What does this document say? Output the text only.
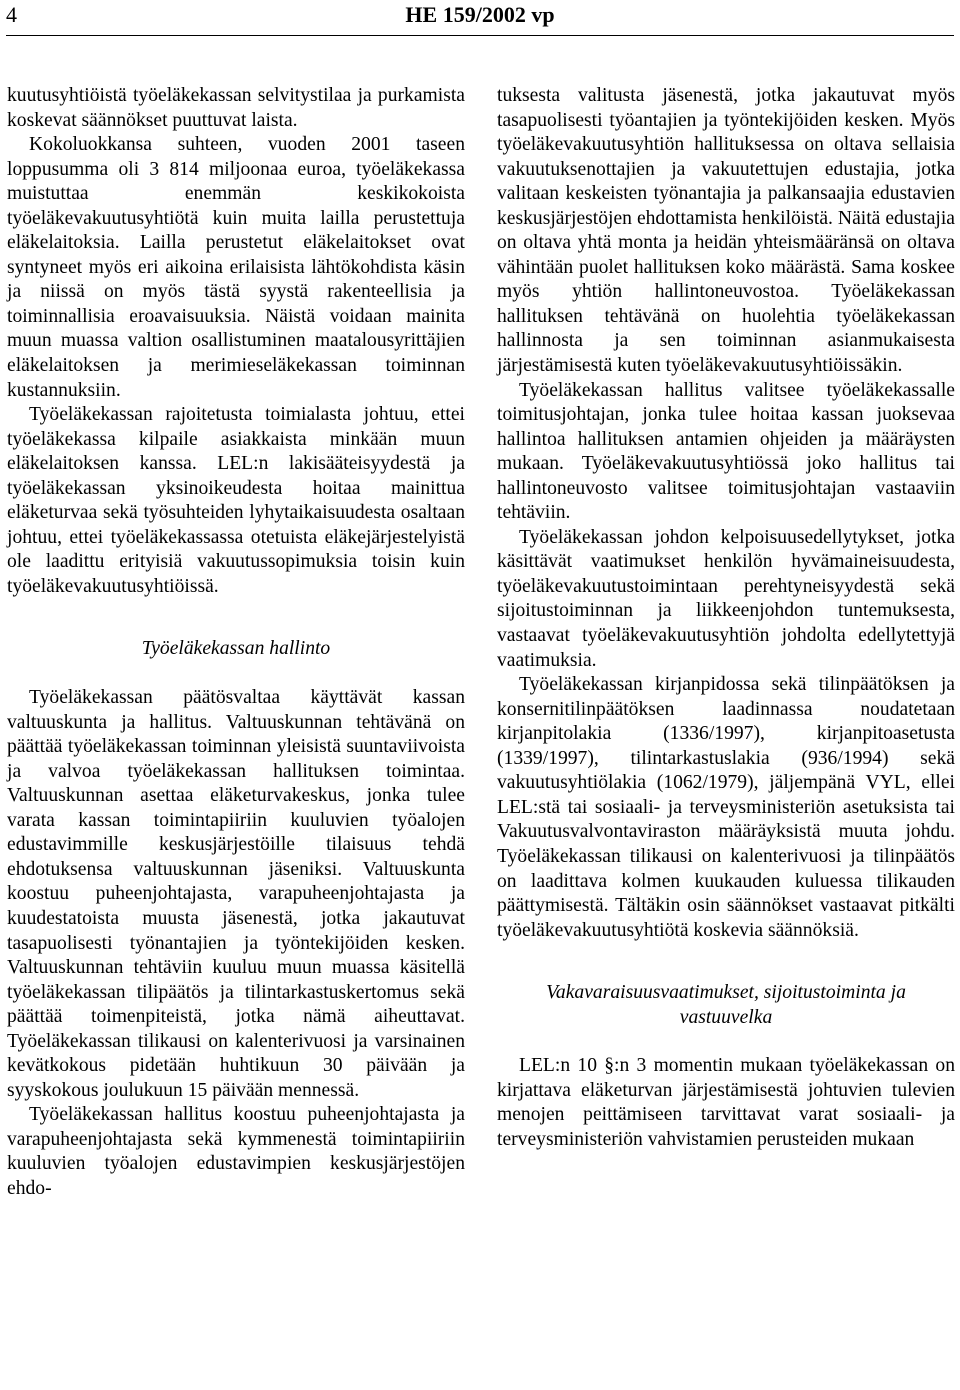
4	HE 159/2002 vp

kuutusyhtiöistä työeläkekassan selvitystilaa ja purkamista koskevat säännökset puuttuvat laista.

Kokoluokkansa suhteen, vuoden 2001 taseen loppusumma oli 3 814 miljoonaa euroa, työeläkekassa muistuttaa enemmän keskikokoista työeläkevakuutusyhtiötä kuin muita lailla perustettuja eläkelaitoksia. Lailla perustetut eläkelaitokset ovat syntyneet myös eri aikoina erilaisista lähtökohdista käsin ja niissä on myös tästä syystä rakenteellisia ja toiminnallisia eroavaisuuksia. Näistä voidaan mainita muun muassa valtion osallistuminen maatalousyrittäjien eläkelaitoksen ja merimieseläkekassan toiminnan kustannuksiin.

Työeläkekassan rajoitetusta toimialasta johtuu, ettei työeläkekassa kilpaile asiakkaista minkään muun eläkelaitoksen kanssa. LEL:n lakisääteisyydestä ja työeläkekassan yksinoikeudesta hoitaa mainittua eläketurvaa sekä työsuhteiden lyhytaikaisuudesta osaltaan johtuu, ettei työeläkekassassa otetuista eläkejärjestelyistä ole laadittu erityisiä vakuutussopimuksia toisin kuin työeläkevakuutusyhtiöissä.

Työeläkekassan hallinto

Työeläkekassan päätösvaltaa käyttävät kassan valtuuskunta ja hallitus. Valtuuskunnan tehtävänä on päättää työeläkekassan toiminnan yleisistä suuntaviivoista ja valvoa työeläkekassan hallituksen toimintaa. Valtuuskunnan asettaa eläketurvakeskus, jonka tulee varata kassan toimintapiiriin kuuluvien työalojen edustavimmille keskusjärjestöille tilaisuus tehdä ehdotuksensa valtuuskunnan jäseniksi. Valtuuskunta koostuu puheenjohtajasta, varapuheenjohtajasta ja kuudestatoista muusta jäsenestä, jotka jakautuvat tasapuolisesti työnantajien ja työntekijöiden kesken. Valtuuskunnan tehtäviin kuuluu muun muassa käsitellä työeläkekassan tilipäätös ja tilintarkastuskertomus sekä päättää toimenpiteistä, jotka nämä aiheuttavat. Työeläkekassan tilikausi on kalenterivuosi ja varsinainen kevätkokous pidetään huhtikuun 30 päivään ja syyskokous joulukuun 15 päivään mennessä.

Työeläkekassan hallitus koostuu puheenjohtajasta ja varapuheenjohtajasta sekä kymmenestä toimintapiiriin kuuluvien työalojen edustavimpien keskusjärjestöjen ehdo-

tuksesta valitusta jäsenestä, jotka jakautuvat myös tasapuolisesti työantajien ja työntekijöiden kesken. Myös työeläkevakuutusyhtiön hallituksessa on oltava sellaisia vakuutuksenottajien ja vakuutettujen edustajia, jotka valitaan keskeisten työnantajia ja palkansaajia edustavien keskusjärjestöjen ehdottamista henkilöistä. Näitä edustajia on oltava yhtä monta ja heidän yhteismääränsä on oltava vähintään puolet hallituksen koko määrästä. Sama koskee myös yhtiön hallintoneuvostoa. Työeläkekassan hallituksen tehtävänä on huolehtia työeläkekassan hallinnosta ja sen toiminnan asianmukaisesta järjestämisestä kuten työeläkevakuutusyhtiöissäkin.

Työeläkekassan hallitus valitsee työeläkekassalle toimitusjohtajan, jonka tulee hoitaa kassan juoksevaa hallintoa hallituksen antamien ohjeiden ja määräysten mukaan. Työeläkevakuutusyhtiössä joko hallitus tai hallintoneuvosto valitsee toimitusjohtajan vastaaviin tehtäviin.

Työeläkekassan johdon kelpoisuusedellytykset, jotka käsittävät vaatimukset henkilön hyvämaineisuudesta, työeläkevakuutustoimintaan perehtyneisyydestä sekä sijoitustoiminnan ja liikkeenjohdon tuntemuksesta, vastaavat työeläkevakuutusyhtiön johdolta edellytettyjä vaatimuksia.

Työeläkekassan kirjanpidossa sekä tilinpäätöksen ja konsernitilinpäätöksen laadinnassa noudatetaan kirjanpitolakia (1336/1997), kirjanpitoasetusta (1339/1997), tilintarkastuslakia (936/1994) sekä vakuutusyhtiölakia (1062/1979), jäljempänä VYL, ellei LEL:stä tai sosiaali- ja terveysministeriön asetuksista tai Vakuutusvalvontaviraston määräyksistä muuta johdu. Työeläkekassan tilikausi on kalenterivuosi ja tilinpäätös on laadittava kolmen kuukauden kuluessa tilikauden päättymisestä. Tältäkin osin säännökset vastaavat pitkälti työeläkevakuutusyhtiötä koskevia säännöksiä.

Vakavaraisuusvaatimukset, sijoitustoiminta ja vastuuvelka

LEL:n 10 §:n 3 momentin mukaan työeläkekassan on kirjattava eläketurvan järjestämisestä johtuvien tulevien menojen peittämiseen tarvittavat varat sosiaali- ja terveysministeriön vahvistamien perusteiden mukaan
